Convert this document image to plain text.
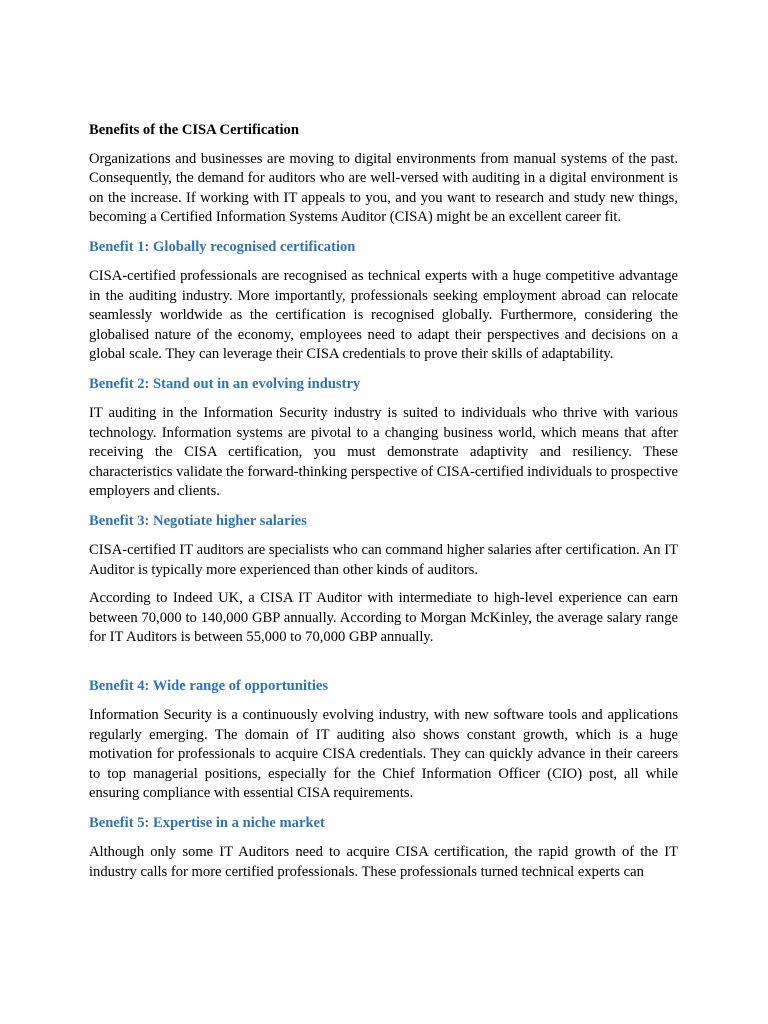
Benefits of the CISA Certification
Organizations and businesses are moving to digital environments from manual systems of the past. Consequently, the demand for auditors who are well-versed with auditing in a digital environment is on the increase. If working with IT appeals to you, and you want to research and study new things, becoming a Certified Information Systems Auditor (CISA) might be an excellent career fit.
Benefit 1: Globally recognised certification
CISA-certified professionals are recognised as technical experts with a huge competitive advantage in the auditing industry. More importantly, professionals seeking employment abroad can relocate seamlessly worldwide as the certification is recognised globally. Furthermore, considering the globalised nature of the economy, employees need to adapt their perspectives and decisions on a global scale. They can leverage their CISA credentials to prove their skills of adaptability.
Benefit 2: Stand out in an evolving industry
IT auditing in the Information Security industry is suited to individuals who thrive with various technology. Information systems are pivotal to a changing business world, which means that after receiving the CISA certification, you must demonstrate adaptivity and resiliency. These characteristics validate the forward-thinking perspective of CISA-certified individuals to prospective employers and clients.
Benefit 3: Negotiate higher salaries
CISA-certified IT auditors are specialists who can command higher salaries after certification. An IT Auditor is typically more experienced than other kinds of auditors.
According to Indeed UK, a CISA IT Auditor with intermediate to high-level experience can earn between 70,000 to 140,000 GBP annually. According to Morgan McKinley, the average salary range for IT Auditors is between 55,000 to 70,000 GBP annually.
Benefit 4: Wide range of opportunities
Information Security is a continuously evolving industry, with new software tools and applications regularly emerging. The domain of IT auditing also shows constant growth, which is a huge motivation for professionals to acquire CISA credentials. They can quickly advance in their careers to top managerial positions, especially for the Chief Information Officer (CIO) post, all while ensuring compliance with essential CISA requirements.
Benefit 5: Expertise in a niche market
Although only some IT Auditors need to acquire CISA certification, the rapid growth of the IT industry calls for more certified professionals. These professionals turned technical experts can
